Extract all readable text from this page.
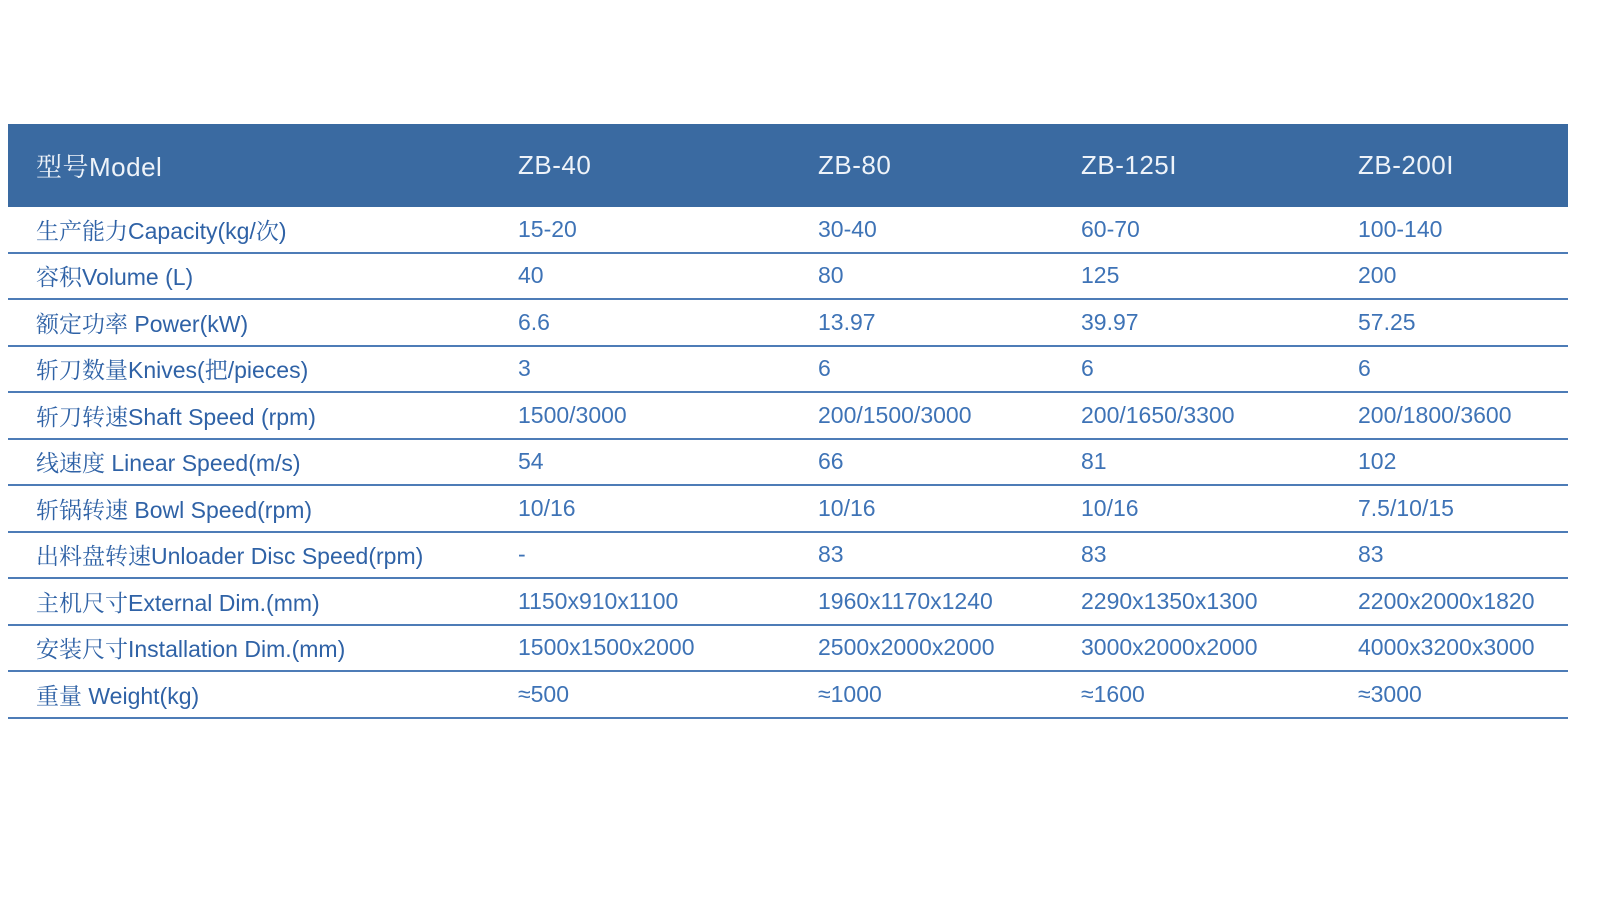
型号Model	ZB-40	ZB-80	ZB-125I	ZB-200I
生产能力Capacity(kg/次)	15-20	30-40	60-70	100-140
容积Volume (L)	40	80	125	200
额定功率 Power(kW)	6.6	13.97	39.97	57.25
斩刀数量Knives(把/pieces)	3	6	6	6
斩刀转速Shaft Speed (rpm)	1500/3000	200/1500/3000	200/1650/3300	200/1800/3600
线速度 Linear Speed(m/s)	54	66	81	102
斩锅转速 Bowl Speed(rpm)	10/16	10/16	10/16	7.5/10/15
出料盘转速Unloader Disc Speed(rpm)	-	83	83	83
主机尺寸External Dim.(mm)	1150x910x1100	1960x1170x1240	2290x1350x1300	2200x2000x1820
安装尺寸Installation Dim.(mm)	1500x1500x2000	2500x2000x2000	3000x2000x2000	4000x3200x3000
重量 Weight(kg)	≈500	≈1000	≈1600	≈3000
